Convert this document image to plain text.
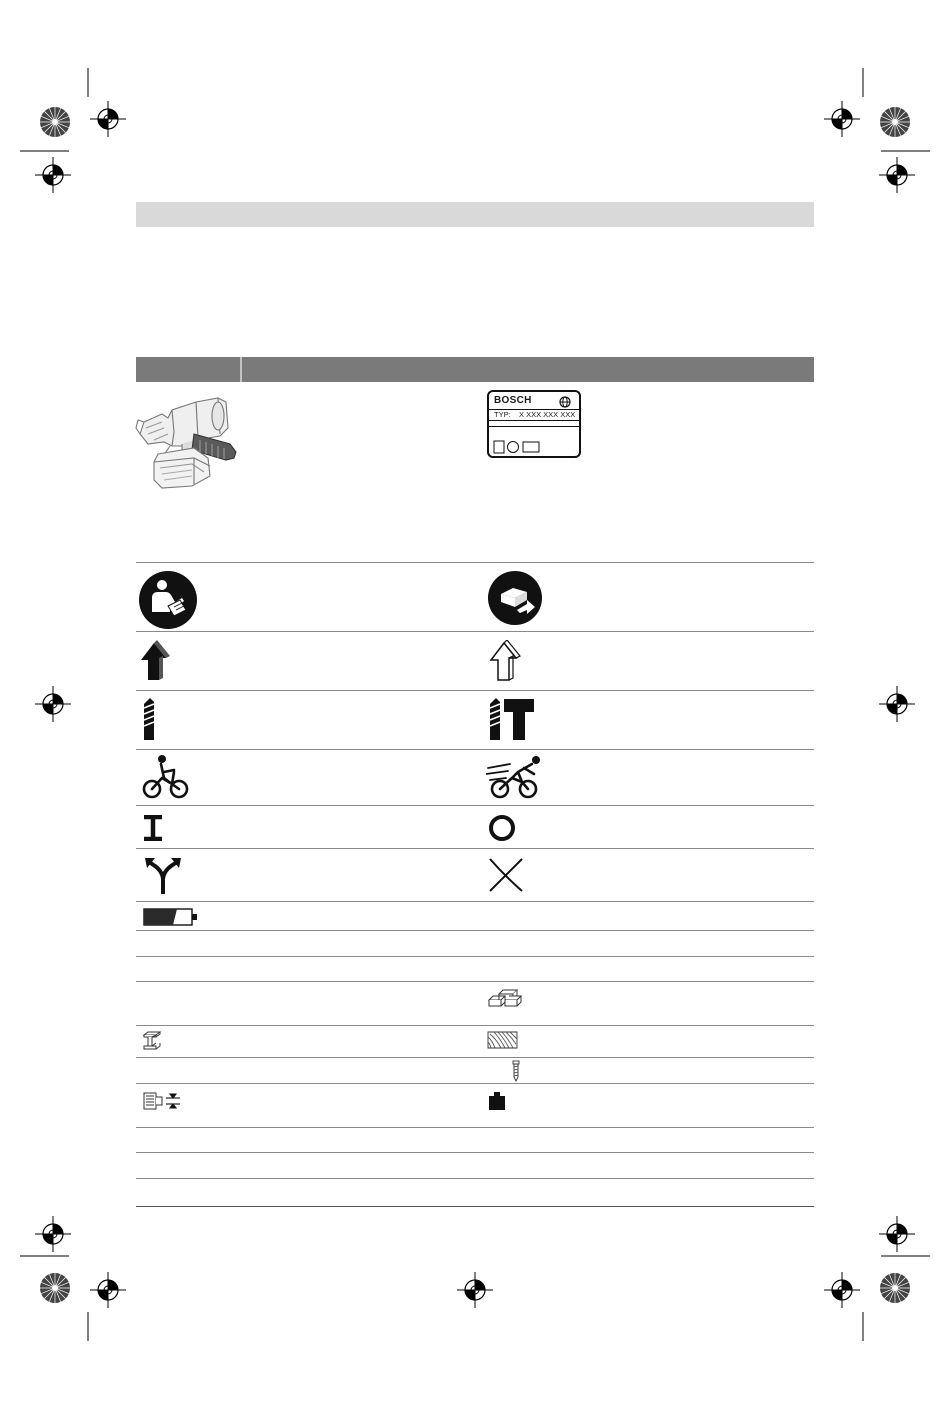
BOSCH
TYP: X XXX XXX XXX
